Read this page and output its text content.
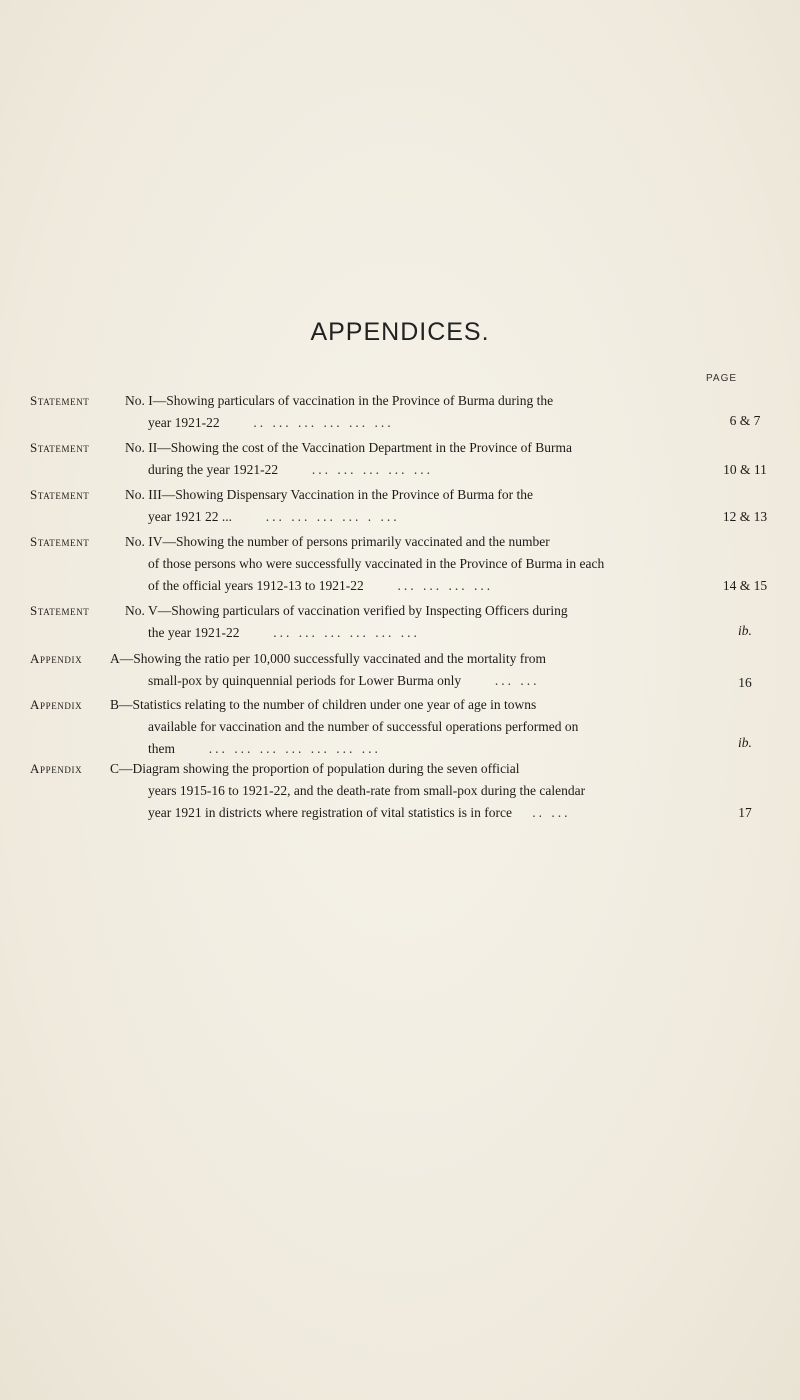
APPENDICES.
PAGE
Statement	No. I—Showing particulars of vaccination in the Province of Burma during the
year 1921-22	.. ... ... ... ... ...	6 & 7
Statement	No. II—Showing the cost of the Vaccination Department in the Province of Burma
during the year 1921-22	... ... ... ... ...	10 & 11
Statement	No. III—Showing Dispensary Vaccination in the Province of Burma for the
year 1921 22 ...	... ... ... ... . ...	12 & 13
Statement	No. IV—Showing the number of persons primarily vaccinated and the number
of those persons who were successfully vaccinated in the Province of Burma in each
of the official years 1912-13 to 1921-22	... ... ... ...	14 & 15
Statement	No. V—Showing particulars of vaccination verified by Inspecting Officers during
the year 1921-22	... ... ... ... ... ...	ib.
Appendix A—Showing the ratio per 10,000 successfully vaccinated and the mortality from
small-pox by quinquennial periods for Lower Burma only	... ...	16
Appendix B—Statistics relating to the number of children under one year of age in towns
available for vaccination and the number of successful operations performed on
them	... ... ... ... ... ... ...	ib.
Appendix C—Diagram showing the proportion of population during the seven official
years 1915-16 to 1921-22, and the death-rate from small-pox during the calendar
year 1921 in districts where registration of vital statistics is in force .. ...	17
